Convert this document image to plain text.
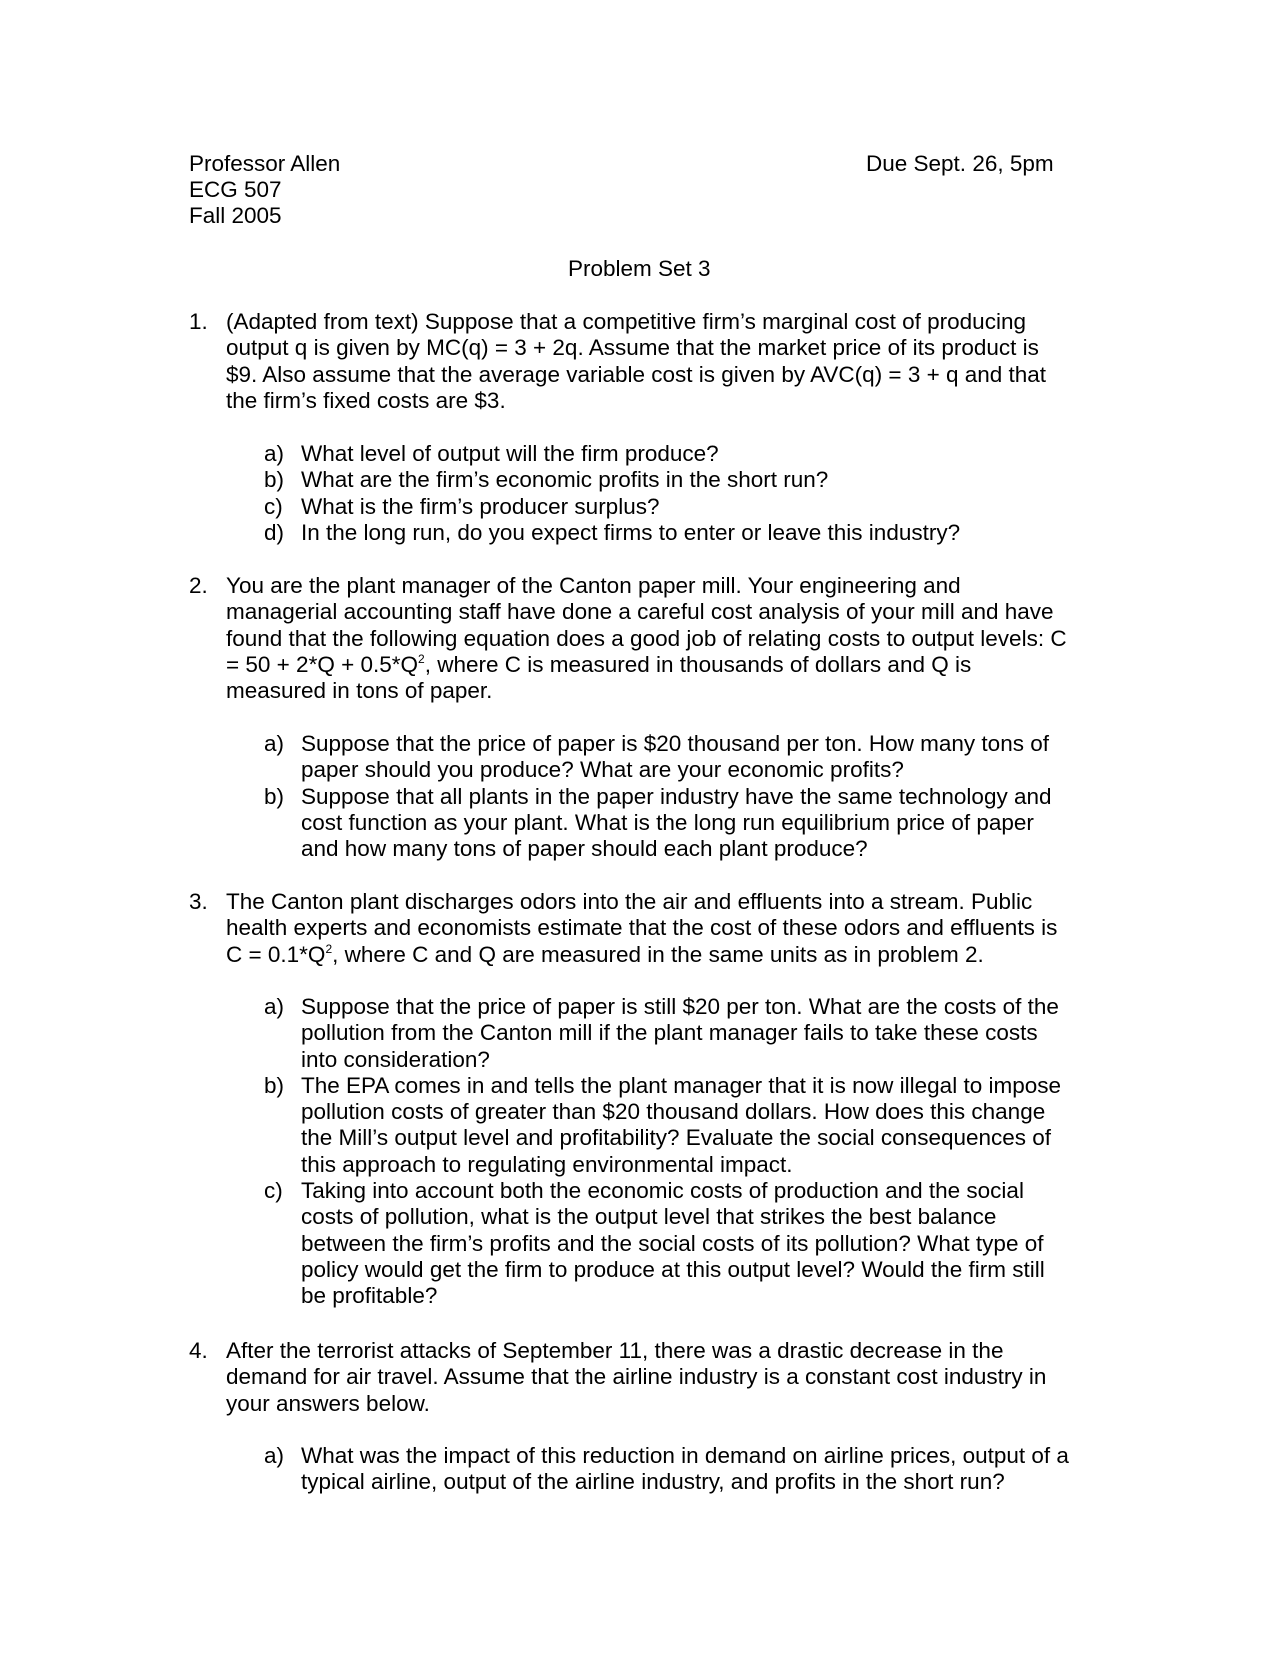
Professor Allen
ECG 507
Fall 2005
Due Sept. 26, 5pm
Problem Set 3
1. (Adapted from text) Suppose that a competitive firm’s marginal cost of producing
output q is given by MC(q) = 3 + 2q. Assume that the market price of its product is
$9. Also assume that the average variable cost is given by AVC(q) = 3 + q and that
the firm’s fixed costs are $3.
a) What level of output will the firm produce?
b) What are the firm’s economic profits in the short run?
c) What is the firm’s producer surplus?
d) In the long run, do you expect firms to enter or leave this industry?
2. You are the plant manager of the Canton paper mill. Your engineering and
managerial accounting staff have done a careful cost analysis of your mill and have
found that the following equation does a good job of relating costs to output levels: C
= $50 + 2*Q + 0.5*Q^2$, where C is measured in thousands of dollars and Q is
measured in tons of paper.
a) Suppose that the price of paper is $20 thousand per ton. How many tons of
paper should you produce? What are your economic profits?
b) Suppose that all plants in the paper industry have the same technology and
cost function as your plant. What is the long run equilibrium price of paper
and how many tons of paper should each plant produce?
3. The Canton plant discharges odors into the air and effluents into a stream. Public
health experts and economists estimate that the cost of these odors and effluents is
$C = 0.1*Q^2$, where C and Q are measured in the same units as in problem 2.
a) Suppose that the price of paper is still $20 per ton. What are the costs of the
pollution from the Canton mill if the plant manager fails to take these costs
into consideration?
b) The EPA comes in and tells the plant manager that it is now illegal to impose
pollution costs of greater than $20 thousand dollars. How does this change
the Mill’s output level and profitability? Evaluate the social consequences of
this approach to regulating environmental impact.
c) Taking into account both the economic costs of production and the social
costs of pollution, what is the output level that strikes the best balance
between the firm’s profits and the social costs of its pollution? What type of
policy would get the firm to produce at this output level? Would the firm still
be profitable?
4. After the terrorist attacks of September 11, there was a drastic decrease in the
demand for air travel. Assume that the airline industry is a constant cost industry in
your answers below.
a) What was the impact of this reduction in demand on airline prices, output of a
typical airline, output of the airline industry, and profits in the short run?
